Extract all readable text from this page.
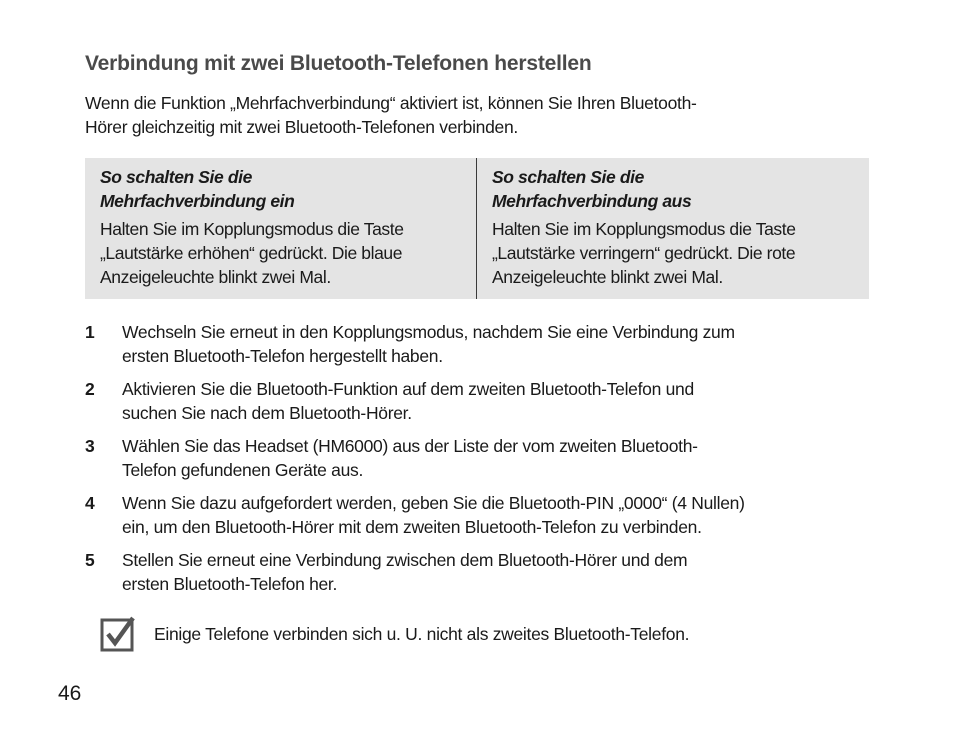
Verbindung mit zwei Bluetooth-Telefonen herstellen

Wenn die Funktion „Mehrfachverbindung“ aktiviert ist, können Sie Ihren Bluetooth-
Hörer gleichzeitig mit zwei Bluetooth-Telefonen verbinden.

So schalten Sie die
Mehrfachverbindung ein
Halten Sie im Kopplungsmodus die Taste
„Lautstärke erhöhen“ gedrückt. Die blaue
Anzeigeleuchte blinkt zwei Mal.
So schalten Sie die
Mehrfachverbindung aus
Halten Sie im Kopplungsmodus die Taste
„Lautstärke verringern“ gedrückt. Die rote
Anzeigeleuchte blinkt zwei Mal.
1 Wechseln Sie erneut in den Kopplungsmodus, nachdem Sie eine Verbindung zum
ersten Bluetooth-Telefon hergestellt haben.
2 Aktivieren Sie die Bluetooth-Funktion auf dem zweiten Bluetooth-Telefon und
suchen Sie nach dem Bluetooth-Hörer.
3 Wählen Sie das Headset (HM6000) aus der Liste der vom zweiten Bluetooth-
Telefon gefundenen Geräte aus.
4 Wenn Sie dazu aufgefordert werden, geben Sie die Bluetooth-PIN „0000“ (4 Nullen)
ein, um den Bluetooth-Hörer mit dem zweiten Bluetooth-Telefon zu verbinden.
5 Stellen Sie erneut eine Verbindung zwischen dem Bluetooth-Hörer und dem
ersten Bluetooth-Telefon her.
Einige Telefone verbinden sich u. U. nicht als zweites Bluetooth-Telefon.
46
